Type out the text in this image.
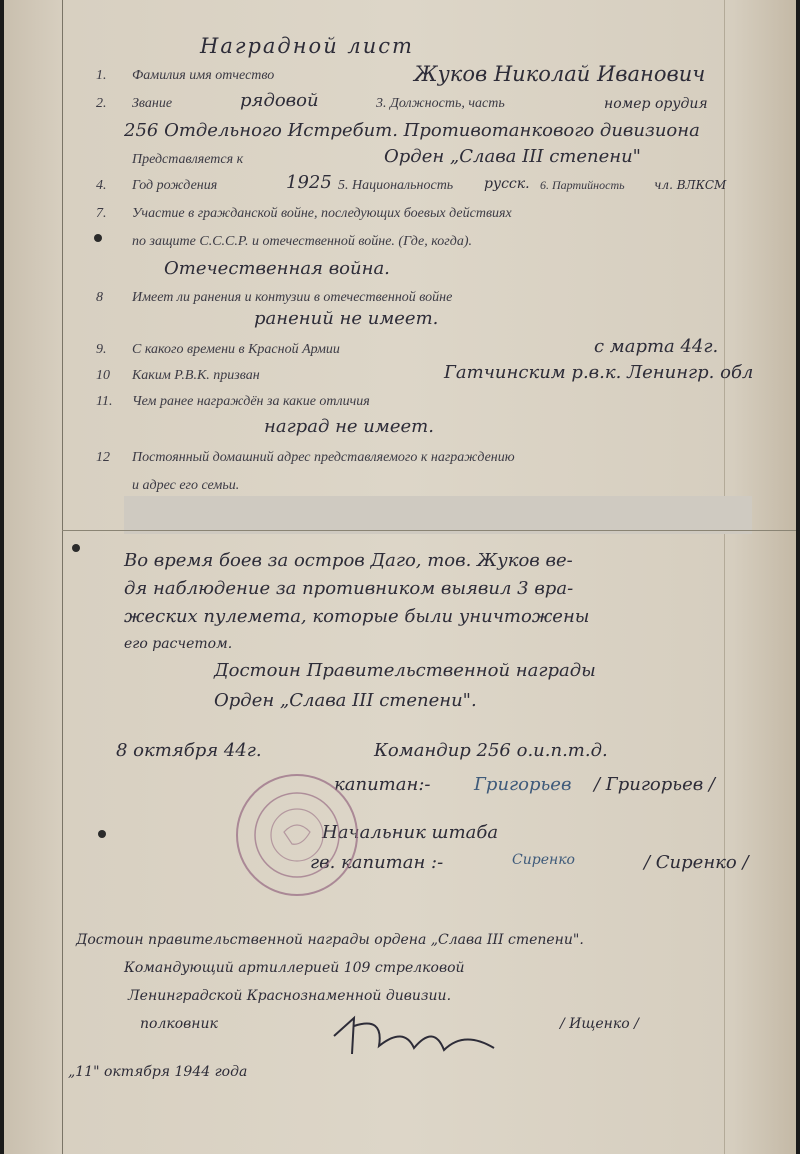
Наградной лист
1. Фамилия имя отчество	Жуков Николай Иванович
2. Звание	рядовой	3. Должность, часть	номер орудия
256 Отдельного Истребит. Противотанкового дивизиона
Представляется к	Орден „Слава III степени"
4. Год рождения	1925 5. Национальность русск. 6. Партийность чл. ВЛКСМ
7. Участие в гражданской войне, последующих боевых действиях
по защите С.С.С.Р. и отечественной войне. (Где, когда).
Отечественная война.
8 Имеет ли ранения и контузии в отечественной войне
ранений не имеет.
9. С какого времени в Красной Армии	с марта 44г.
10 Каким Р.В.К. призван	Гатчинским р.в.к. Ленингр. обл
11. Чем ранее награждён за какие отличия
наград не имеет.
12 Постоянный домашний адрес представляемого к награждению
и адрес его семьи.
Во время боев за остров Даго, тов. Жуков ве-
дя наблюдение за противником выявил 3 вра-
жеских пулемета, которые были уничтожены
его расчетом.
Достоин Правительственной награды
Орден „Слава III степени".
8 октября 44г.	Командир 256 о.и.п.т.д.
капитан:- Григорьев / Григорьев /
Начальник штаба
гв. капитан :-	Сиренко	/ Сиренко /
Достоин правительственной награды ордена „Слава III степени".
Командующий артиллерией 109 стрелковой
Ленинградской Краснознаменной дивизии.
полковник	/ Ищенко /
„11" октября 1944 года
